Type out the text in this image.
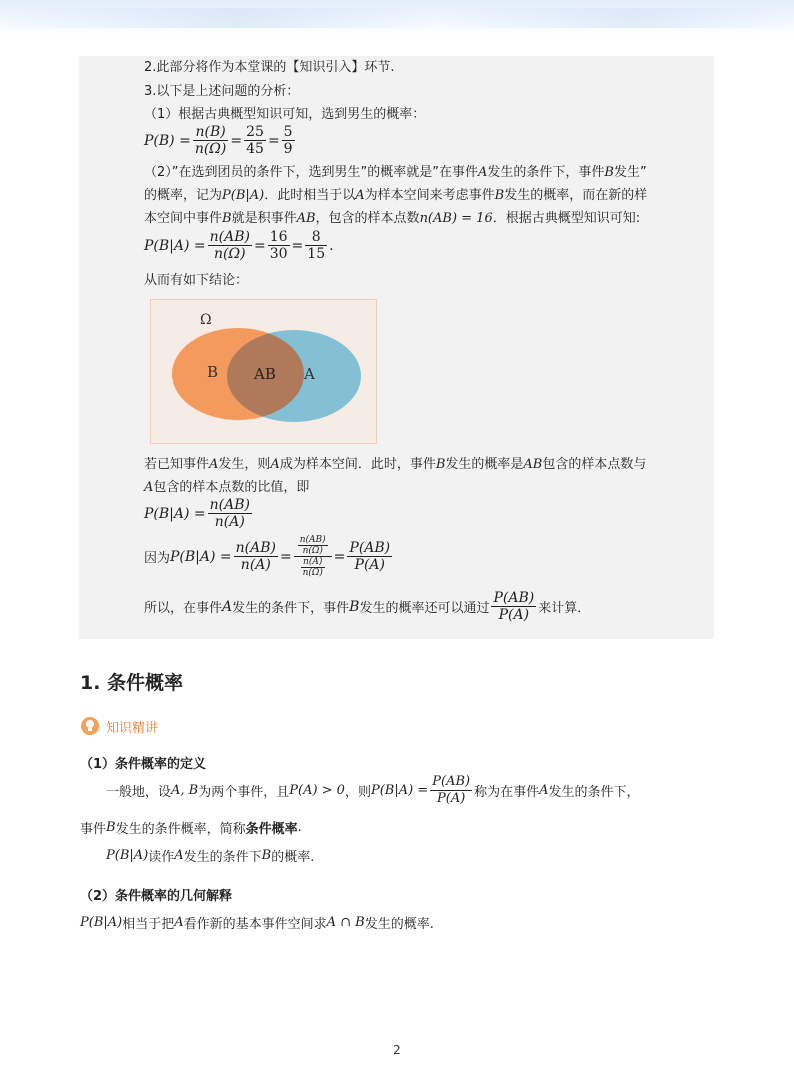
2.此部分将作为本堂课的【知识引入】环节.
3.以下是上述问题的分析：
（1）根据古典概型知识可知，选到男生的概率：
$P(B) = \frac{n(B)}{n(\Omega)} = \frac{25}{45} = \frac{5}{9}$
（2）”在选到团员的条件下，选到男生”的概率就是”在事件A发生的条件下，事件B发生”
的概率，记为P(B|A)．此时相当于以A为样本空间来考虑事件B发生的概率，而在新的样
本空间中事件B就是积事件AB，包含的样本点数n(AB) = 16．根据古典概型知识可知:
$P(B|A) = \frac{n(AB)}{n(\Omega)} = \frac{16}{30} = \frac{8}{15}$ .
从而有如下结论：
Ω
B AB A
若已知事件A发生，则A成为样本空间．此时，事件B发生的概率是AB包含的样本点数与
A包含的样本点数的比值，即
$P(B|A) = \frac{n(AB)}{n(A)}$
因为 $P(B|A) = \frac{n(AB)}{n(A)} = \frac{\frac{n(AB)}{n(\Omega)}}{\frac{n(A)}{n(\Omega)}} = \frac{P(AB)}{P(A)}$
所以，在事件 A 发生的条件下，事件 B 发生的概率还可以通过 $\frac{P(AB)}{P(A)}$ 来计算．
1. 条件概率
知识精讲
（1）条件概率的定义
一般地，设 A, B 为两个事件，且 P(A) > 0 ，则 $P(B|A) = \frac{P(AB)}{P(A)}$ 称为在事件 A 发生的条件下，
事件 B 发生的条件概率，简称 条件概率 .
P(B|A) 读作 A 发生的条件下 B 的概率.
（2）条件概率的几何解释
P(B|A) 相当于把 A 看作新的基本事件空间求 A ∩ B 发生的概率.
2
